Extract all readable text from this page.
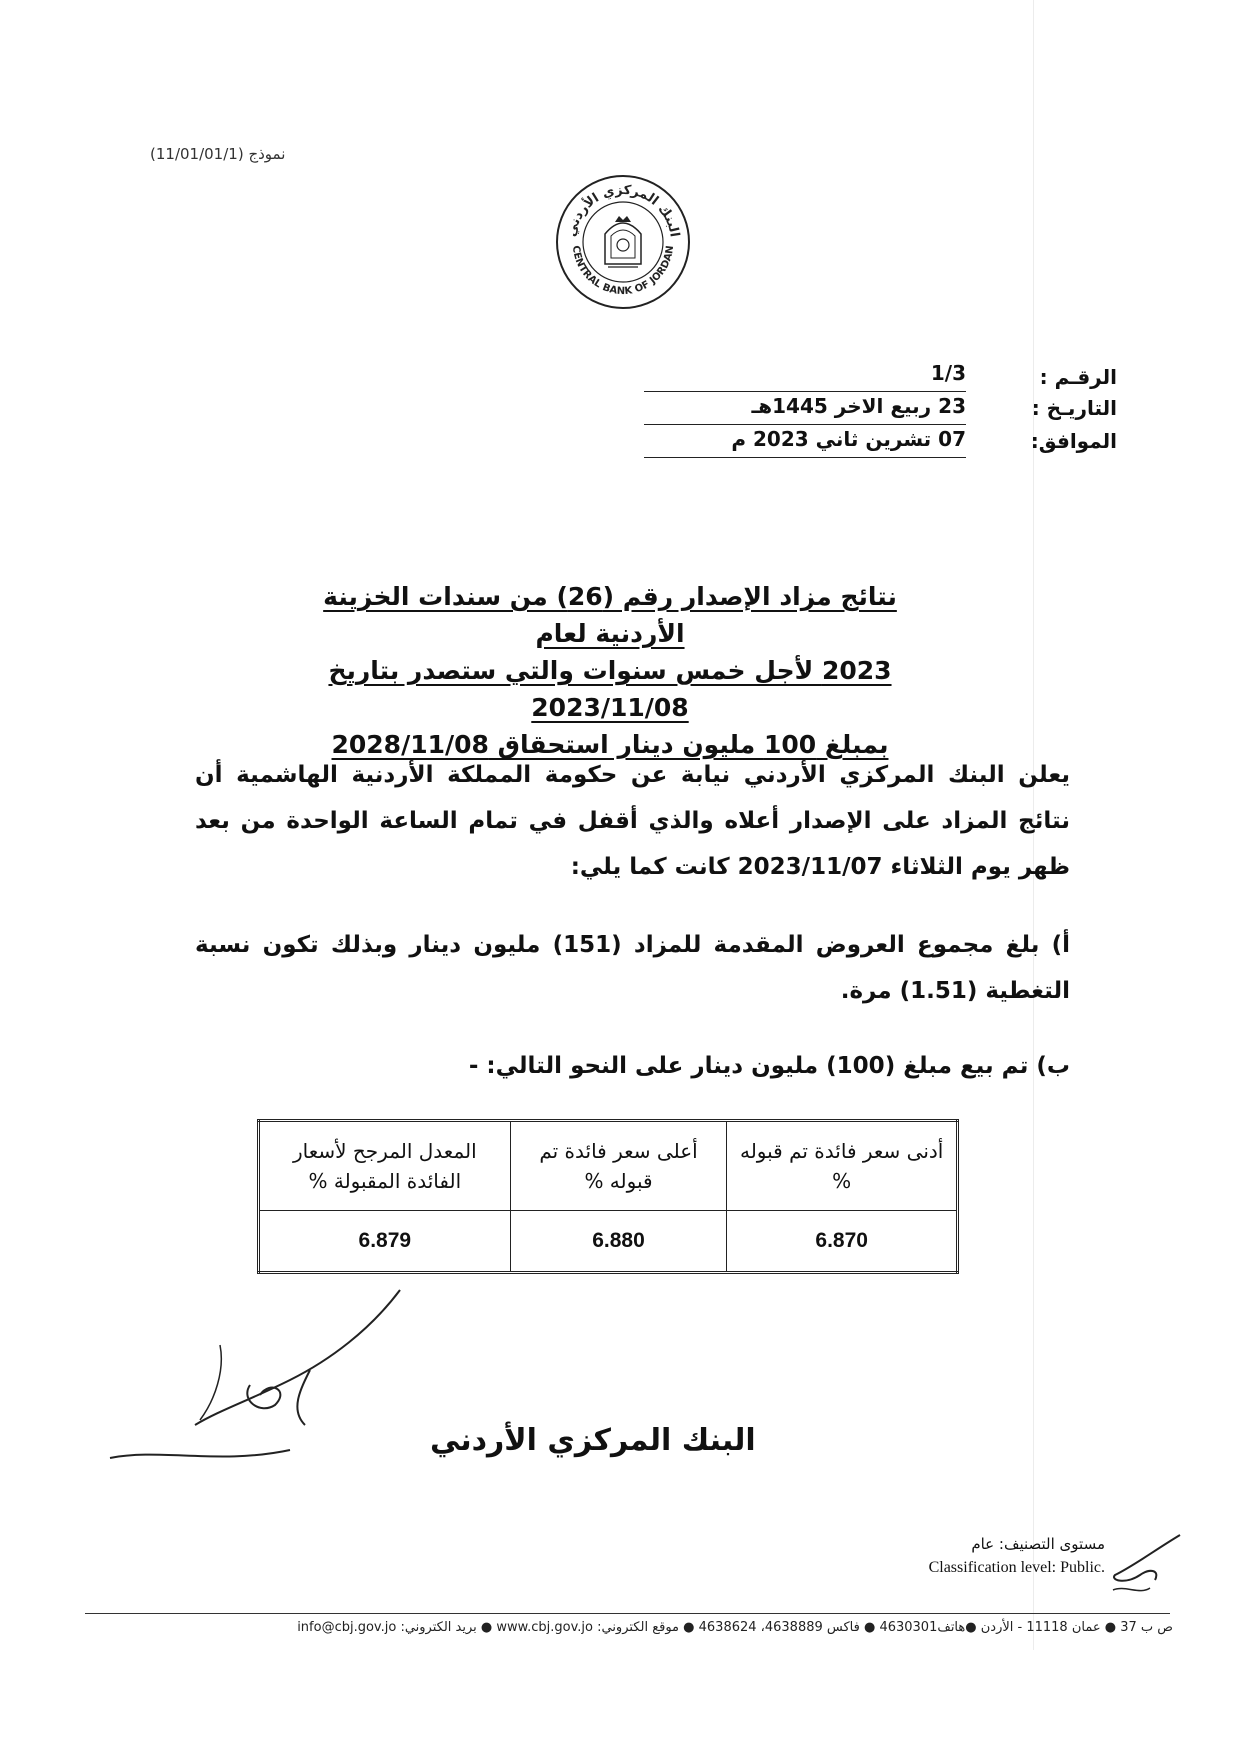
نموذج (11/01/01/1)
البنك المركزي الأردني
CENTRAL BANK OF JORDAN
الرقـم :
1/3
التاريـخ :
23 ربيع الاخر 1445هـ
الموافق:
07 تشرين ثاني 2023 م
نتائج مزاد الإصدار رقم (26) من سندات الخزينة الأردنية لعام
2023 لأجل خمس سنوات والتي ستصدر بتاريخ 2023/11/08
بمبلغ 100 مليون دينار استحقاق 2028/11/08
يعلن البنك المركزي الأردني نيابة عن حكومة المملكة الأردنية الهاشمية أن نتائج المزاد على الإصدار أعلاه والذي أقفل في تمام الساعة الواحدة من بعد ظهر يوم الثلاثاء 2023/11/07 كانت كما يلي:
أ) بلغ مجموع العروض المقدمة للمزاد (151) مليون دينار وبذلك تكون نسبة التغطية (1.51) مرة.
ب) تم بيع مبلغ (100) مليون دينار على النحو التالي: -
أدنى سعر فائدة تم قبوله %	أعلى سعر فائدة تم قبوله %	المعدل المرجح لأسعار الفائدة المقبولة %
6.870	6.880	6.879
البنك المركزي الأردني
مستوى التصنيف: عام
Classification level: Public.
ص ب 37 ● عمان 11118 - الأردن ●هاتف4630301 ● فاكس 4638889، 4638624 ● موقع الكتروني: www.cbj.gov.jo ● بريد الكتروني: info@cbj.gov.jo
